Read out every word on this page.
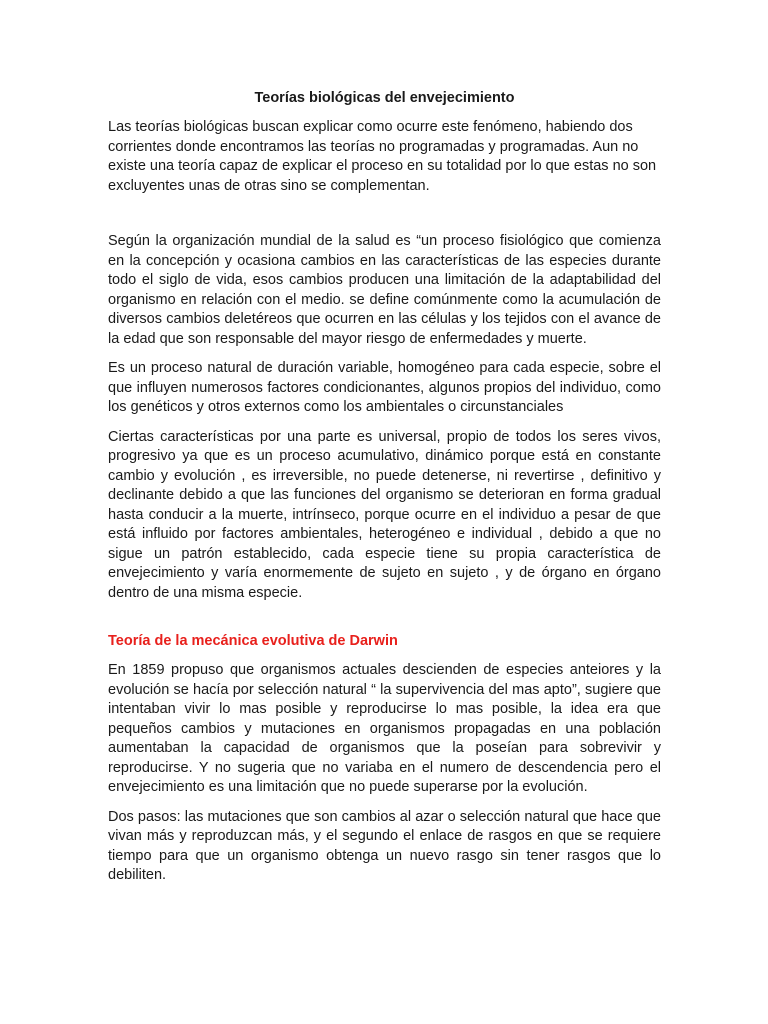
Teorías biológicas del envejecimiento

Las teorías biológicas buscan explicar como ocurre este fenómeno, habiendo dos corrientes donde encontramos las teorías no programadas y programadas. Aun no existe una teoría capaz de explicar el proceso en su totalidad por lo que estas no son excluyentes unas de otras sino se complementan.

Según la organización mundial de la salud es “un proceso fisiológico que comienza en la concepción y ocasiona cambios en las características de las especies durante todo el siglo de vida, esos cambios producen una limitación de la adaptabilidad del organismo en relación con el medio. se define comúnmente como la acumulación de diversos cambios deletéreos que ocurren en las células y los tejidos con el avance de la edad que son responsable del mayor riesgo de enfermedades y muerte.

Es un proceso natural de duración variable, homogéneo para cada especie, sobre el que influyen numerosos factores condicionantes, algunos propios del individuo, como los genéticos y otros externos como los ambientales o circunstanciales

Ciertas características por una parte es universal, propio de todos los seres vivos, progresivo ya que es un proceso acumulativo, dinámico porque está en constante cambio y evolución , es irreversible, no puede detenerse, ni revertirse , definitivo y declinante debido a que las funciones del organismo se deterioran en forma gradual hasta conducir a la muerte, intrínseco, porque ocurre en el individuo a pesar de que está influido por factores ambientales, heterogéneo e individual , debido a que no sigue un patrón establecido, cada especie tiene su propia característica de envejecimiento y varía enormemente de sujeto en sujeto , y de órgano en órgano dentro de una misma especie.

Teoría de la mecánica evolutiva de Darwin

En 1859 propuso que organismos actuales descienden de especies anteiores y la evolución se hacía por selección natural “ la supervivencia del mas apto”, sugiere que intentaban vivir lo mas posible y reproducirse lo mas posible, la idea era que pequeños cambios y mutaciones en organismos propagadas en una población aumentaban la capacidad de organismos que la poseían para sobrevivir y reproducirse. Y no sugeria que no variaba en el numero de descendencia pero el envejecimiento es una limitación que no puede superarse por la evolución.

Dos pasos: las mutaciones que son cambios al azar o selección natural que hace que vivan más y reproduzcan más, y el segundo el enlace de rasgos en que se requiere tiempo para que un organismo obtenga un nuevo rasgo sin tener rasgos que lo debiliten.
